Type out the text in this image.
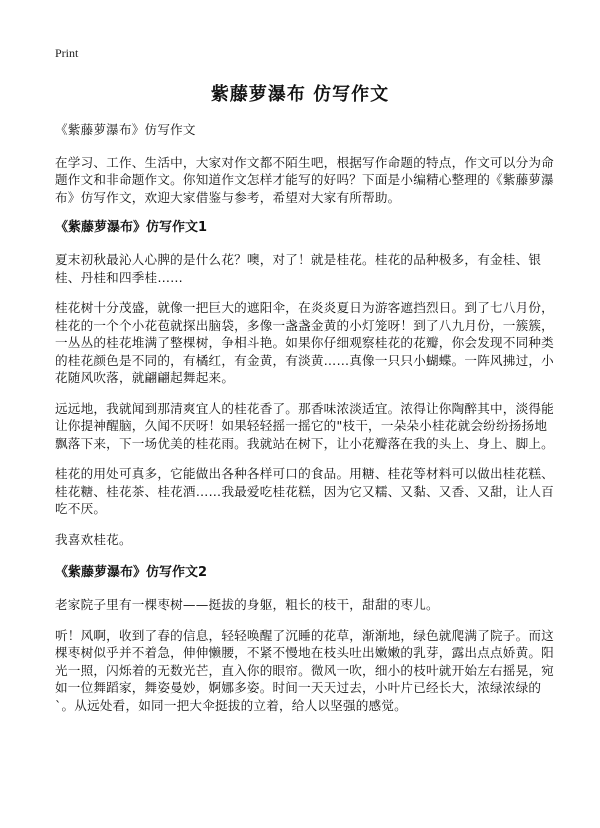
Print
紫藤萝瀑布 仿写作文

《紫藤萝瀑布》仿写作文

在学习、工作、生活中，大家对作文都不陌生吧，根据写作命题的特点，作文可以分为命题作文和非命题作文。你知道作文怎样才能写的好吗？下面是小编精心整理的《紫藤萝瀑布》仿写作文，欢迎大家借鉴与参考，希望对大家有所帮助。

《紫藤萝瀑布》仿写作文1

夏末初秋最沁人心脾的是什么花？噢，对了！就是桂花。桂花的品种极多，有金桂、银桂、丹桂和四季桂……

桂花树十分茂盛，就像一把巨大的遮阳伞，在炎炎夏日为游客遮挡烈日。到了七八月份，桂花的一个个小花苞就探出脑袋，多像一盏盏金黄的小灯笼呀！到了八九月份，一簇簇，一丛丛的桂花堆满了整棵树，争相斗艳。如果你仔细观察桂花的花瓣，你会发现不同种类的桂花颜色是不同的，有橘红，有金黄，有淡黄……真像一只只小蝴蝶。一阵风拂过，小花随风吹落，就翩翩起舞起来。

远远地，我就闻到那清爽宜人的桂花香了。那香味浓淡适宜。浓得让你陶醉其中，淡得能让你提神醒脑，久闻不厌呀！如果轻轻摇一摇它的"枝干，一朵朵小桂花就会纷纷扬扬地飘落下来，下一场优美的桂花雨。我就站在树下，让小花瓣落在我的头上、身上、脚上。

桂花的用处可真多，它能做出各种各样可口的食品。用糖、桂花等材料可以做出桂花糕、桂花糖、桂花茶、桂花酒……我最爱吃桂花糕，因为它又糯、又黏、又香、又甜，让人百吃不厌。

我喜欢桂花。

《紫藤萝瀑布》仿写作文2

老家院子里有一棵枣树——挺拔的身躯，粗长的枝干，甜甜的枣儿。

听！风啊，收到了春的信息，轻轻唤醒了沉睡的花草，渐渐地，绿色就爬满了院子。而这棵枣树似乎并不着急，伸伸懒腰，不紧不慢地在枝头吐出嫩嫩的乳芽，露出点点娇黄。阳光一照，闪烁着的无数光芒，直入你的眼帘。微风一吹，细小的枝叶就开始左右摇晃，宛如一位舞蹈家，舞姿曼妙，婀娜多姿。时间一天天过去，小叶片已经长大，浓绿浓绿的`。从远处看，如同一把大伞挺拔的立着，给人以坚强的感觉。
